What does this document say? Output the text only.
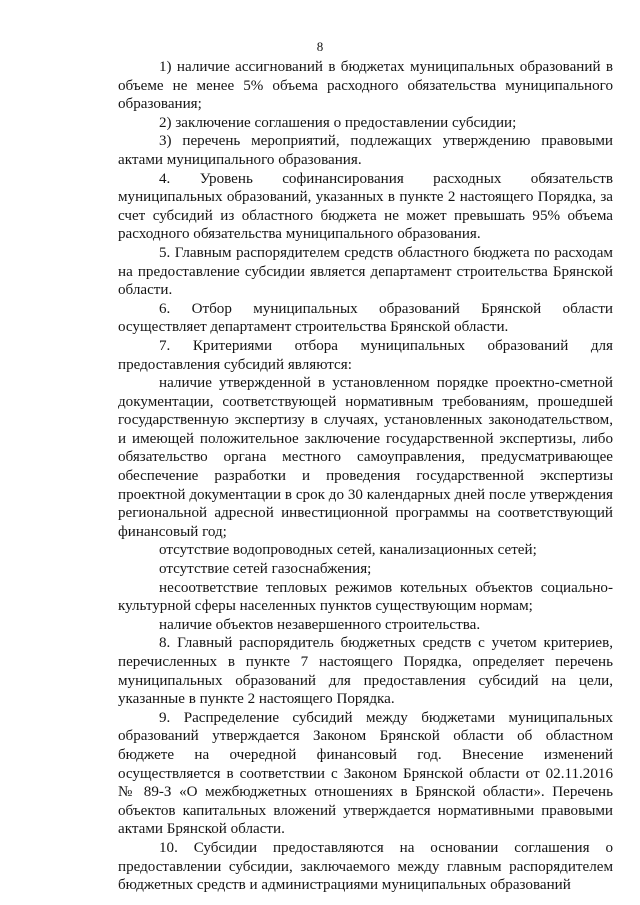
8

1) наличие ассигнований в бюджетах муниципальных образований в объеме не менее 5% объема расходного обязательства муниципального образования;

2) заключение соглашения о предоставлении субсидии;

3) перечень мероприятий, подлежащих утверждению правовыми актами муниципального образования.

4. Уровень софинансирования расходных обязательств муниципальных образований, указанных в пункте 2 настоящего Порядка, за счет субсидий из областного бюджета не может превышать 95% объема расходного обязательства муниципального образования.

5. Главным распорядителем средств областного бюджета по расходам на предоставление субсидии является департамент строительства Брянской области.

6. Отбор муниципальных образований Брянской области осуществляет департамент строительства Брянской области.

7. Критериями отбора муниципальных образований для предоставления субсидий являются:

наличие утвержденной в установленном порядке проектно-сметной документации, соответствующей нормативным требованиям, прошедшей государственную экспертизу в случаях, установленных законодательством, и имеющей положительное заключение государственной экспертизы, либо обязательство органа местного самоуправления, предусматривающее обеспечение разработки и проведения государственной экспертизы проектной документации в срок до 30 календарных дней после утверждения региональной адресной инвестиционной программы на соответствующий финансовый год;

отсутствие водопроводных сетей, канализационных сетей;

отсутствие сетей газоснабжения;

несоответствие тепловых режимов котельных объектов социально-культурной сферы населенных пунктов существующим нормам;

наличие объектов незавершенного строительства.

8. Главный распорядитель бюджетных средств с учетом критериев, перечисленных в пункте 7 настоящего Порядка, определяет перечень муниципальных образований для предоставления субсидий на цели, указанные в пункте 2 настоящего Порядка.

9. Распределение субсидий между бюджетами муниципальных образований утверждается Законом Брянской области об областном бюджете на очередной финансовый год. Внесение изменений осуществляется в соответствии с Законом Брянской области от 02.11.2016 № 89-З «О межбюджетных отношениях в Брянской области». Перечень объектов капитальных вложений утверждается нормативными правовыми актами Брянской области.

10. Субсидии предоставляются на основании соглашения о предоставлении субсидии, заключаемого между главным распорядителем бюджетных средств и администрациями муниципальных образований
